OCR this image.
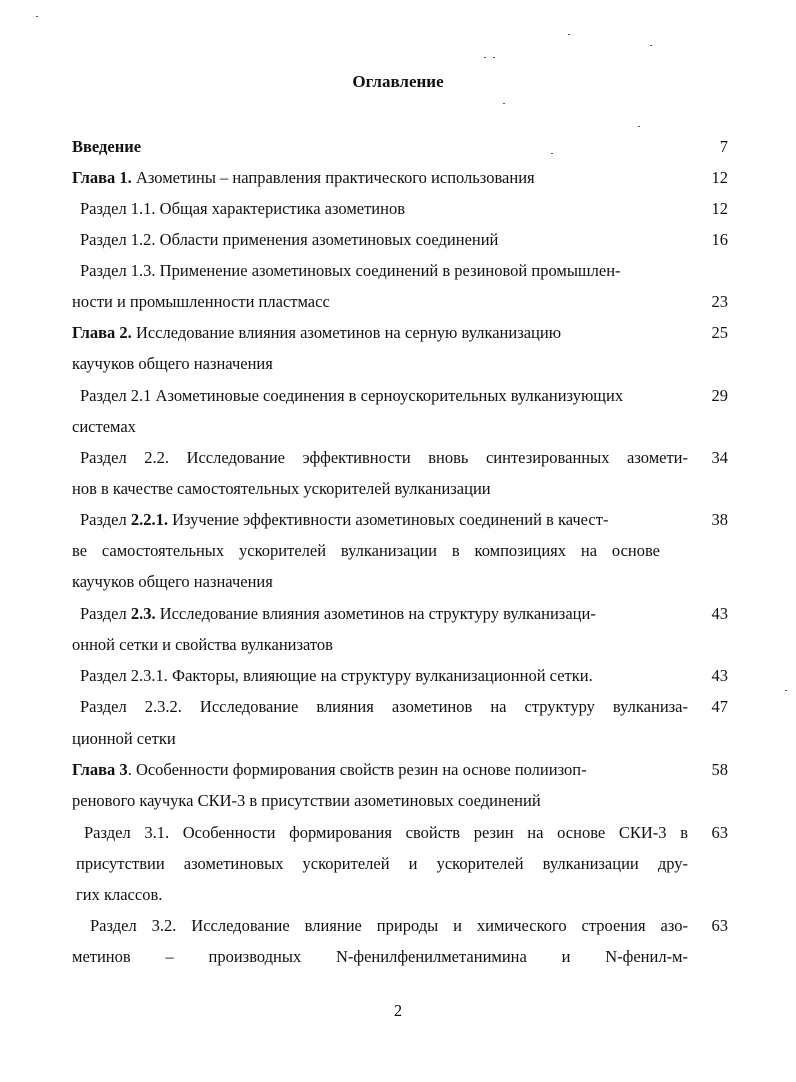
Оглавление
Введение	7
Глава 1. Азометины – направления практического использования	12
Раздел 1.1. Общая характеристика азометинов	12
Раздел 1.2. Области применения азометиновых соединений	16
Раздел 1.3. Применение азометиновых соединений в резиновой промышлен-
ности и промышленности пластмасс	23
Глава 2. Исследование влияния азометинов на серную вулканизацию	25
каучуков общего назначения
Раздел 2.1 Азометиновые соединения в серноускорительных вулканизующих	29
системах
Раздел 2.2. Исследование эффективности вновь синтезированных азомети-	34
нов в качестве самостоятельных ускорителей вулканизации
Раздел 2.2.1. Изучение эффективности азометиновых соединений в качест-	38
ве самостоятельных ускорителей вулканизации в композициях на основе
каучуков общего назначения
Раздел 2.3. Исследование влияния азометинов на структуру вулканизаци-	43
онной сетки и свойства вулканизатов
Раздел 2.3.1. Факторы, влияющие на структуру вулканизационной сетки.	43
Раздел 2.3.2. Исследование влияния азометинов на структуру вулканиза-	47
ционной сетки
Глава 3. Особенности формирования свойств резин на основе полиизоп-	58
ренового каучука СКИ-3 в присутствии азометиновых соединений
Раздел 3.1. Особенности формирования свойств резин на основе СКИ-3 в	63
присутствии азометиновых ускорителей и ускорителей вулканизации дру-
гих классов.
Раздел 3.2. Исследование влияние природы и химического строения азо-	63
метинов – производных N-фенилфенилметанимина и N-фенил-м-
2
